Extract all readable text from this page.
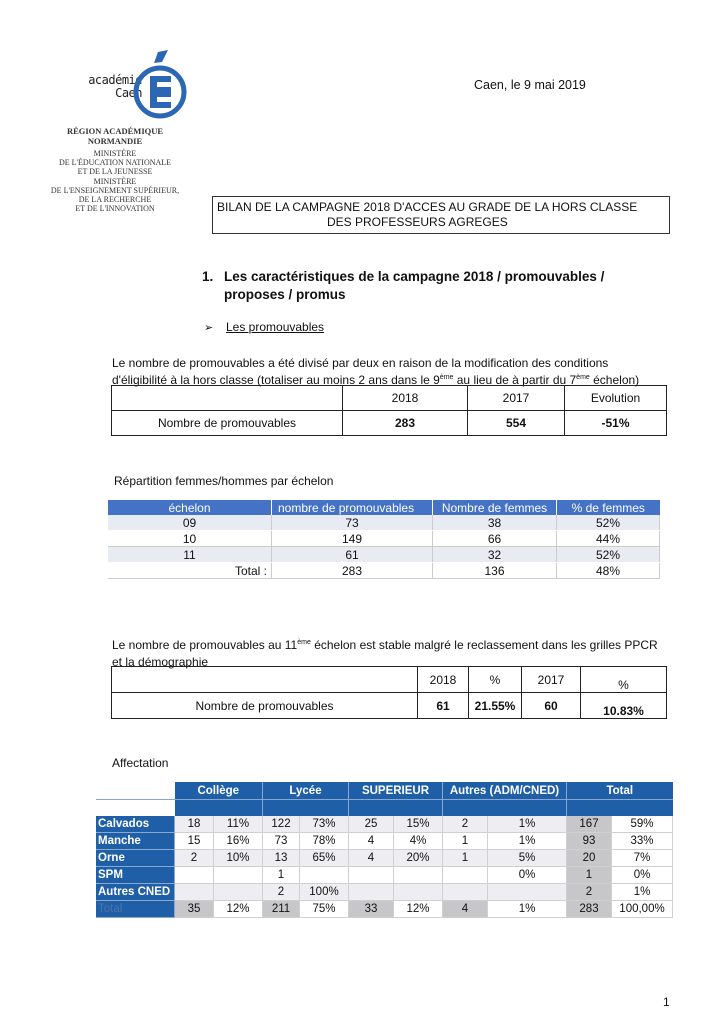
académie
Caen
RÉGION ACADÉMIQUE
NORMANDIE
MINISTÈRE
DE L'ÉDUCATION NATIONALE
ET DE LA JEUNESSE
MINISTÈRE
DE L'ENSEIGNEMENT SUPÉRIEUR,
DE LA RECHERCHE
ET DE L'INNOVATION
Caen, le 9 mai 2019
BILAN DE LA CAMPAGNE 2018 D'ACCES AU GRADE DE LA HORS CLASSE
DES PROFESSEURS AGREGES
1. Les caractéristiques de la campagne 2018 / promouvables /
proposes / promus
➢ Les promouvables
Le nombre de promouvables a été divisé par deux en raison de la modification des conditions
d'éligibilité à la hors classe (totaliser au moins 2 ans dans le 9ème au lieu de à partir du 7ème échelon)
	2018	2017	Evolution
Nombre de promouvables	283	554	-51%
Répartition femmes/hommes par échelon
échelon	nombre de promouvables	Nombre de femmes	% de femmes
09	73	38	52%
10	149	66	44%
11	61	32	52%
Total :	283	136	48%
Le nombre de promouvables au 11ème échelon est stable malgré le reclassement dans les grilles PPCR
et la démographie
	2018	%	2017	%
Nombre de promouvables	61	21.55%	60	10.83%
Affectation
	Collège		Lycée		SUPERIEUR		Autres (ADM/CNED)		Total	

Calvados	18	11%	122	73%	25	15%	2	1%	167	59%
Manche	15	16%	73	78%	4	4%	1	1%	93	33%
Orne	2	10%	13	65%	4	20%	1	5%	20	7%
SPM			1					0%	1	0%
Autres CNED			2	100%					2	1%
Total	35	12%	211	75%	33	12%	4	1%	283	100,00%
1
